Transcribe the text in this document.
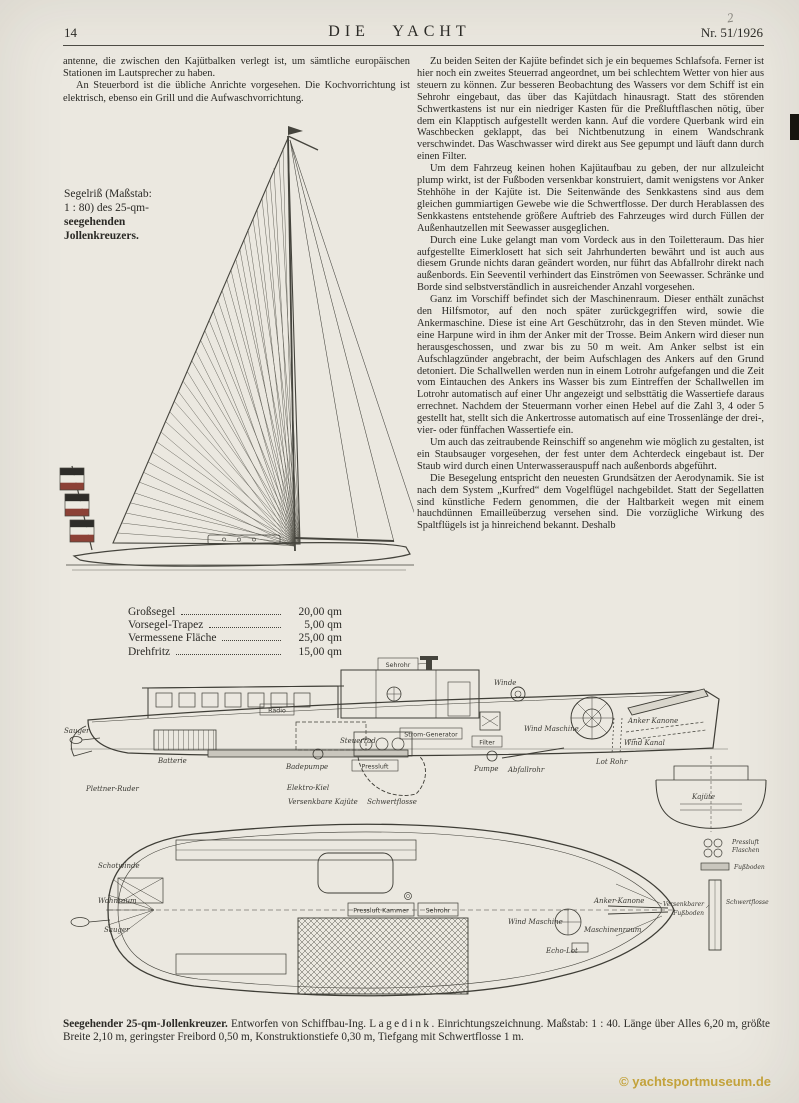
14	DIE YACHT
2
Nr. 51/1926

antenne, die zwischen den Kajütbalken verlegt ist, um sämtliche europäischen Stationen im Lautsprecher zu haben.

An Steuerbord ist die übliche Anrichte vorgesehen. Die Kochvorrichtung ist elektrisch, ebenso ein Grill und die Aufwaschvorrichtung.

Segelriß (Maßstab:
1 : 80) des 25-qm-
seegehenden
Jollenkreuzers.
Großsegel	20,00 qm
Vorsegel-Trapez	5,00 qm
Vermessene Fläche	25,00 qm
Drehfritz	15,00 qm

Zu beiden Seiten der Kajüte befindet sich je ein bequemes Schlafsofa. Ferner ist hier noch ein zweites Steuerrad angeordnet, um bei schlechtem Wetter von hier aus steuern zu können. Zur besseren Beobachtung des Wassers vor dem Schiff ist ein Sehrohr eingebaut, das über das Kajütdach hinausragt. Statt des störenden Schwertkastens ist nur ein niedriger Kasten für die Preßluftflaschen nötig, über dem ein Klapptisch aufgestellt werden kann. Auf die vordere Querbank wird ein Waschbecken geklappt, das bei Nichtbenutzung in einem Wandschrank verschwindet. Das Waschwasser wird direkt aus See gepumpt und läuft dann durch einen Filter.

Um dem Fahrzeug keinen hohen Kajütaufbau zu geben, der nur allzuleicht plump wirkt, ist der Fußboden versenkbar konstruiert, damit wenigstens vor Anker Stehhöhe in der Kajüte ist. Die Seitenwände des Senkkastens sind aus dem gleichen gummiartigen Gewebe wie die Schwertflosse. Der durch Herablassen des Senkkastens entstehende größere Auftrieb des Fahrzeuges wird durch Füllen der Außenhautzellen mit Seewasser ausgeglichen.

Durch eine Luke gelangt man vom Vordeck aus in den Toiletteraum. Das hier aufgestellte Eimerklosett hat sich seit Jahrhunderten bewährt und ist auch aus diesem Grunde nichts daran geändert worden, nur führt das Abfallrohr direkt nach außenbords. Ein Seeventil verhindert das Einströmen von Seewasser. Schränke und Borde sind selbstverständlich in ausreichender Anzahl vorgesehen.

Ganz im Vorschiff befindet sich der Maschinenraum. Dieser enthält zunächst den Hilfsmotor, auf den noch später zurückgegriffen wird, sowie die Ankermaschine. Diese ist eine Art Geschützrohr, das in den Steven mündet. Wie eine Harpune wird in ihm der Anker mit der Trosse. Beim Ankern wird dieser nun herausgeschossen, und zwar bis zu 50 m weit. Am Anker selbst ist ein Aufschlagzünder angebracht, der beim Aufschlagen des Ankers auf den Grund detoniert. Die Schallwellen werden nun in einem Lotrohr aufgefangen und die Zeit vom Eintauchen des Ankers ins Wasser bis zum Eintreffen der Schallwellen im Lotrohr automatisch auf einer Uhr angezeigt und selbsttätig die Wassertiefe daraus errechnet. Nachdem der Steuermann vorher einen Hebel auf die Zahl 3, 4 oder 5 gestellt hat, stellt sich die Ankertrosse automatisch auf eine Trossenlänge der drei-, vier- oder fünffachen Wassertiefe ein.

Um auch das zeitraubende Reinschiff so angenehm wie möglich zu gestalten, ist ein Staubsauger vorgesehen, der fest unter dem Achterdeck eingebaut ist. Der Staub wird durch einen Unterwasserauspuff nach außenbords abgeführt.

Die Besegelung entspricht den neuesten Grundsätzen der Aerodynamik. Sie ist nach dem System „Kurfred“ dem Vogelflügel nachgebildet. Statt der Segellatten sind künstliche Federn genommen, die der Haltbarkeit wegen mit einem hauchdünnen Emailleüberzug versehen sind. Die vorzügliche Wirkung des Spaltflügels ist ja hinreichend bekannt. Deshalb

Sauger
Plettner-Ruder
Batterie
Radio
Sehrohr
Steuerrad
Strom-Generator
Badepumpe	Pressluft
Elektro-Kiel
Versenkbare Kajüte Schwertflosse
Filter
Pumpe Abfallrohr
Winde
Wind Maschine
Anker Kanone
Wind Kanal
Lot Rohr
Kajüte
Pressluft
Flaschen
Fußboden
Schwertflosse
Versenkbarer
Fußboden
Schotwinde
Wohnraum
Sauger
Pressluft Kammer	Sehrohr
Anker-Kanone
Wind Maschine
Maschinenraum
Echo-Lot
Seegehender 25-qm-Jollenkreuzer. Entworfen von Schiffbau-Ing. Lagedink. Einrichtungszeichnung. Maßstab: 1 : 40. Länge über Alles 6,20 m, größte Breite 2,10 m, geringster Freibord 0,50 m, Konstruktionstiefe 0,30 m, Tiefgang mit Schwertflosse 1 m.
© yachtsportmuseum.de
